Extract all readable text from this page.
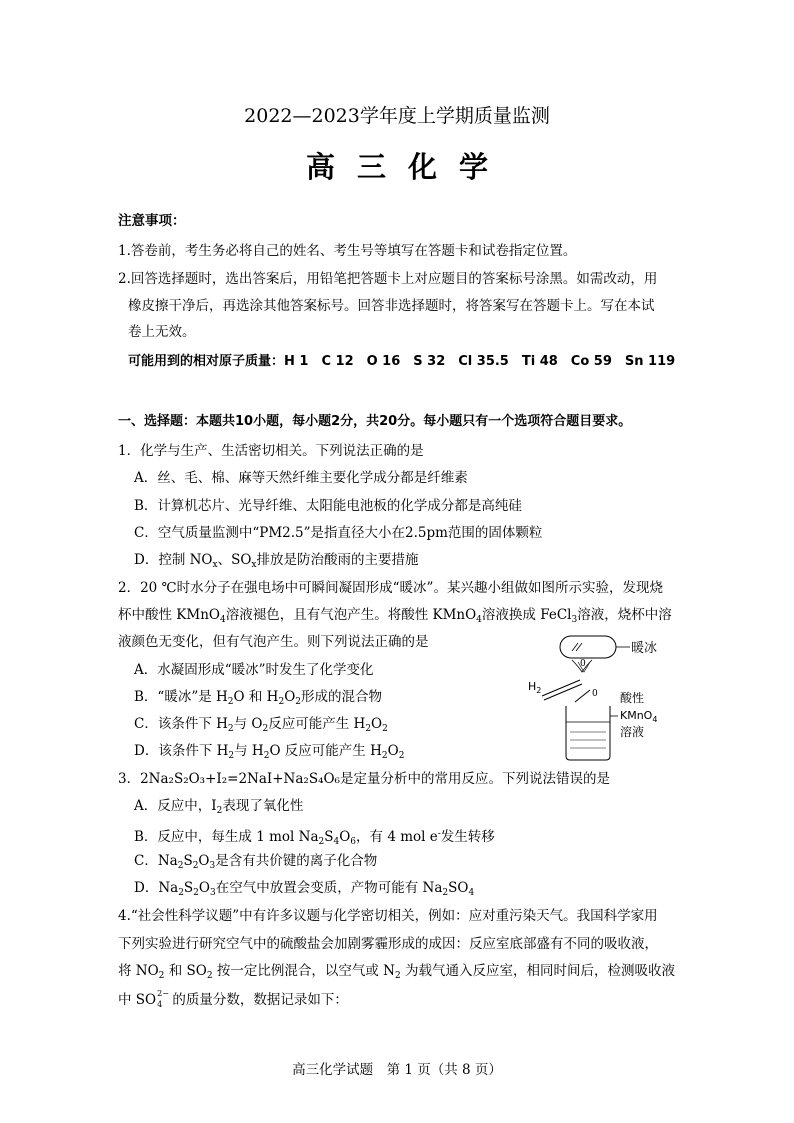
2022—2023学年度上学期质量监测
高三化学
注意事项：
1.答卷前，考生务必将自己的姓名、考生号等填写在答题卡和试卷指定位置。
2.回答选择题时，选出答案后，用铅笔把答题卡上对应题目的答案标号涂黑。如需改动，用
橡皮擦干净后，再选涂其他答案标号。回答非选择题时，将答案写在答题卡上。写在本试
卷上无效。
可能用到的相对原子质量：H 1　C 12　O 16　S 32　Cl 35.5　Ti 48　Co 59　Sn 119
一、选择题：本题共10小题，每小题2分，共20分。每小题只有一个选项符合题目要求。
1．化学与生产、生活密切相关。下列说法正确的是
A．丝、毛、棉、麻等天然纤维主要化学成分都是纤维素
B．计算机芯片、光导纤维、太阳能电池板的化学成分都是高纯硅
C．空气质量监测中“PM2.5”是指直径大小在2.5pm范围的固体颗粒
D．控制 $NO_x$、$SO_x$排放是防治酸雨的主要措施
2．20 ℃时水分子在强电场中可瞬间凝固形成“暖冰”。某兴趣小组做如图所示实验，发现烧
杯中酸性 KMnO$_4$溶液褪色，且有气泡产生。将酸性 KMnO$_4$溶液换成 FeCl$_3$溶液，烧杯中溶
液颜色无变化，但有气泡产生。则下列说法正确的是
A．水凝固形成“暖冰”时发生了化学变化
B．“暖冰”是 $H_2O$ 和 $H_2O_2$形成的混合物
C．该条件下 $H_2$与 $O_2$反应可能产生 $H_2O_2$
D．该条件下 $H_2$与 $H_2O$ 反应可能产生 $H_2O_2$
暖冰
0
0
$H_2$
酸性
KMnO$_4$
溶液
3．2Na₂S₂O₃+I₂=2NaI+Na₂S₄O₆是定量分析中的常用反应。下列说法错误的是
A．反应中，$I_2$表现了氧化性
B．反应中，每生成 1 mol $Na_2S_4O_6$，有 4 mol e-发生转移
C．$Na_2S_2O_3$是含有共价键的离子化合物
D．$Na_2S_2O_3$在空气中放置会变质，产物可能有 $Na_2SO_4$
4.“社会性科学议题”中有许多议题与化学密切相关，例如：应对重污染天气。我国科学家用
下列实验进行研究空气中的硫酸盐会加剧雾霾形成的成因：反应室底部盛有不同的吸收液，
将 $NO_2$ 和 $SO_2$ 按一定比例混合，以空气或 $N_2$ 为载气通入反应室，相同时间后，检测吸收液
中 SO 2−
4 的质量分数，数据记录如下：
高三化学试题　第 1 页（共 8 页）
